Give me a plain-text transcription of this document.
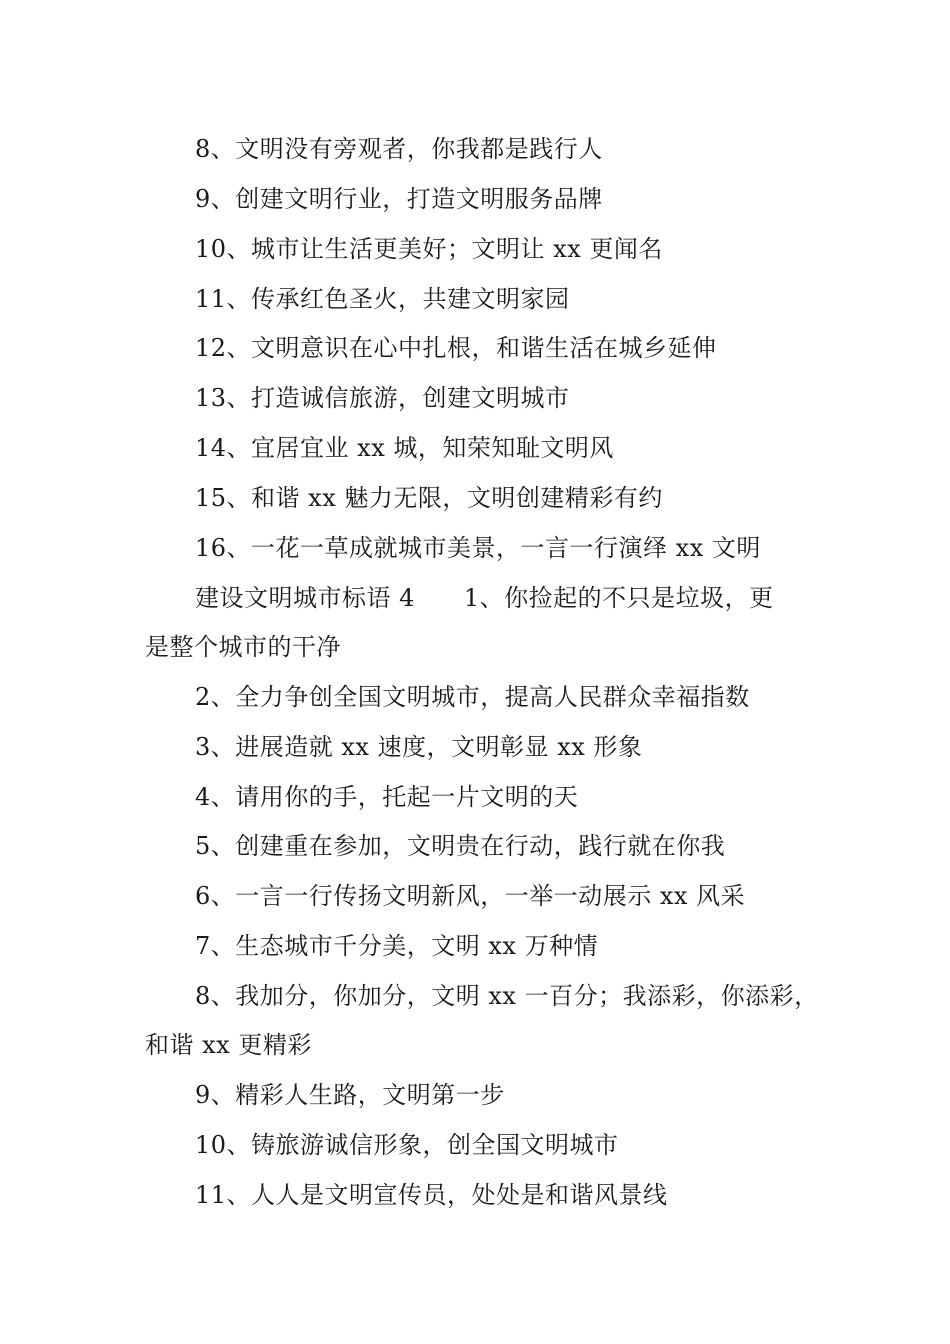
8、文明没有旁观者，你我都是践行人
9、创建文明行业，打造文明服务品牌
10、城市让生活更美好；文明让 xx 更闻名
11、传承红色圣火，共建文明家园
12、文明意识在心中扎根，和谐生活在城乡延伸
13、打造诚信旅游，创建文明城市
14、宜居宜业 xx 城，知荣知耻文明风
15、和谐 xx 魅力无限，文明创建精彩有约
16、一花一草成就城市美景，一言一行演绎 xx 文明
建设文明城市标语 4　　1、你捡起的不只是垃圾，更
是整个城市的干净
2、全力争创全国文明城市，提高人民群众幸福指数
3、进展造就 xx 速度，文明彰显 xx 形象
4、请用你的手，托起一片文明的天
5、创建重在参加，文明贵在行动，践行就在你我
6、一言一行传扬文明新风，一举一动展示 xx 风采
7、生态城市千分美，文明 xx 万种情
8、我加分，你加分，文明 xx 一百分；我添彩，你添彩，
和谐 xx 更精彩
9、精彩人生路，文明第一步
10、铸旅游诚信形象，创全国文明城市
11、人人是文明宣传员，处处是和谐风景线
